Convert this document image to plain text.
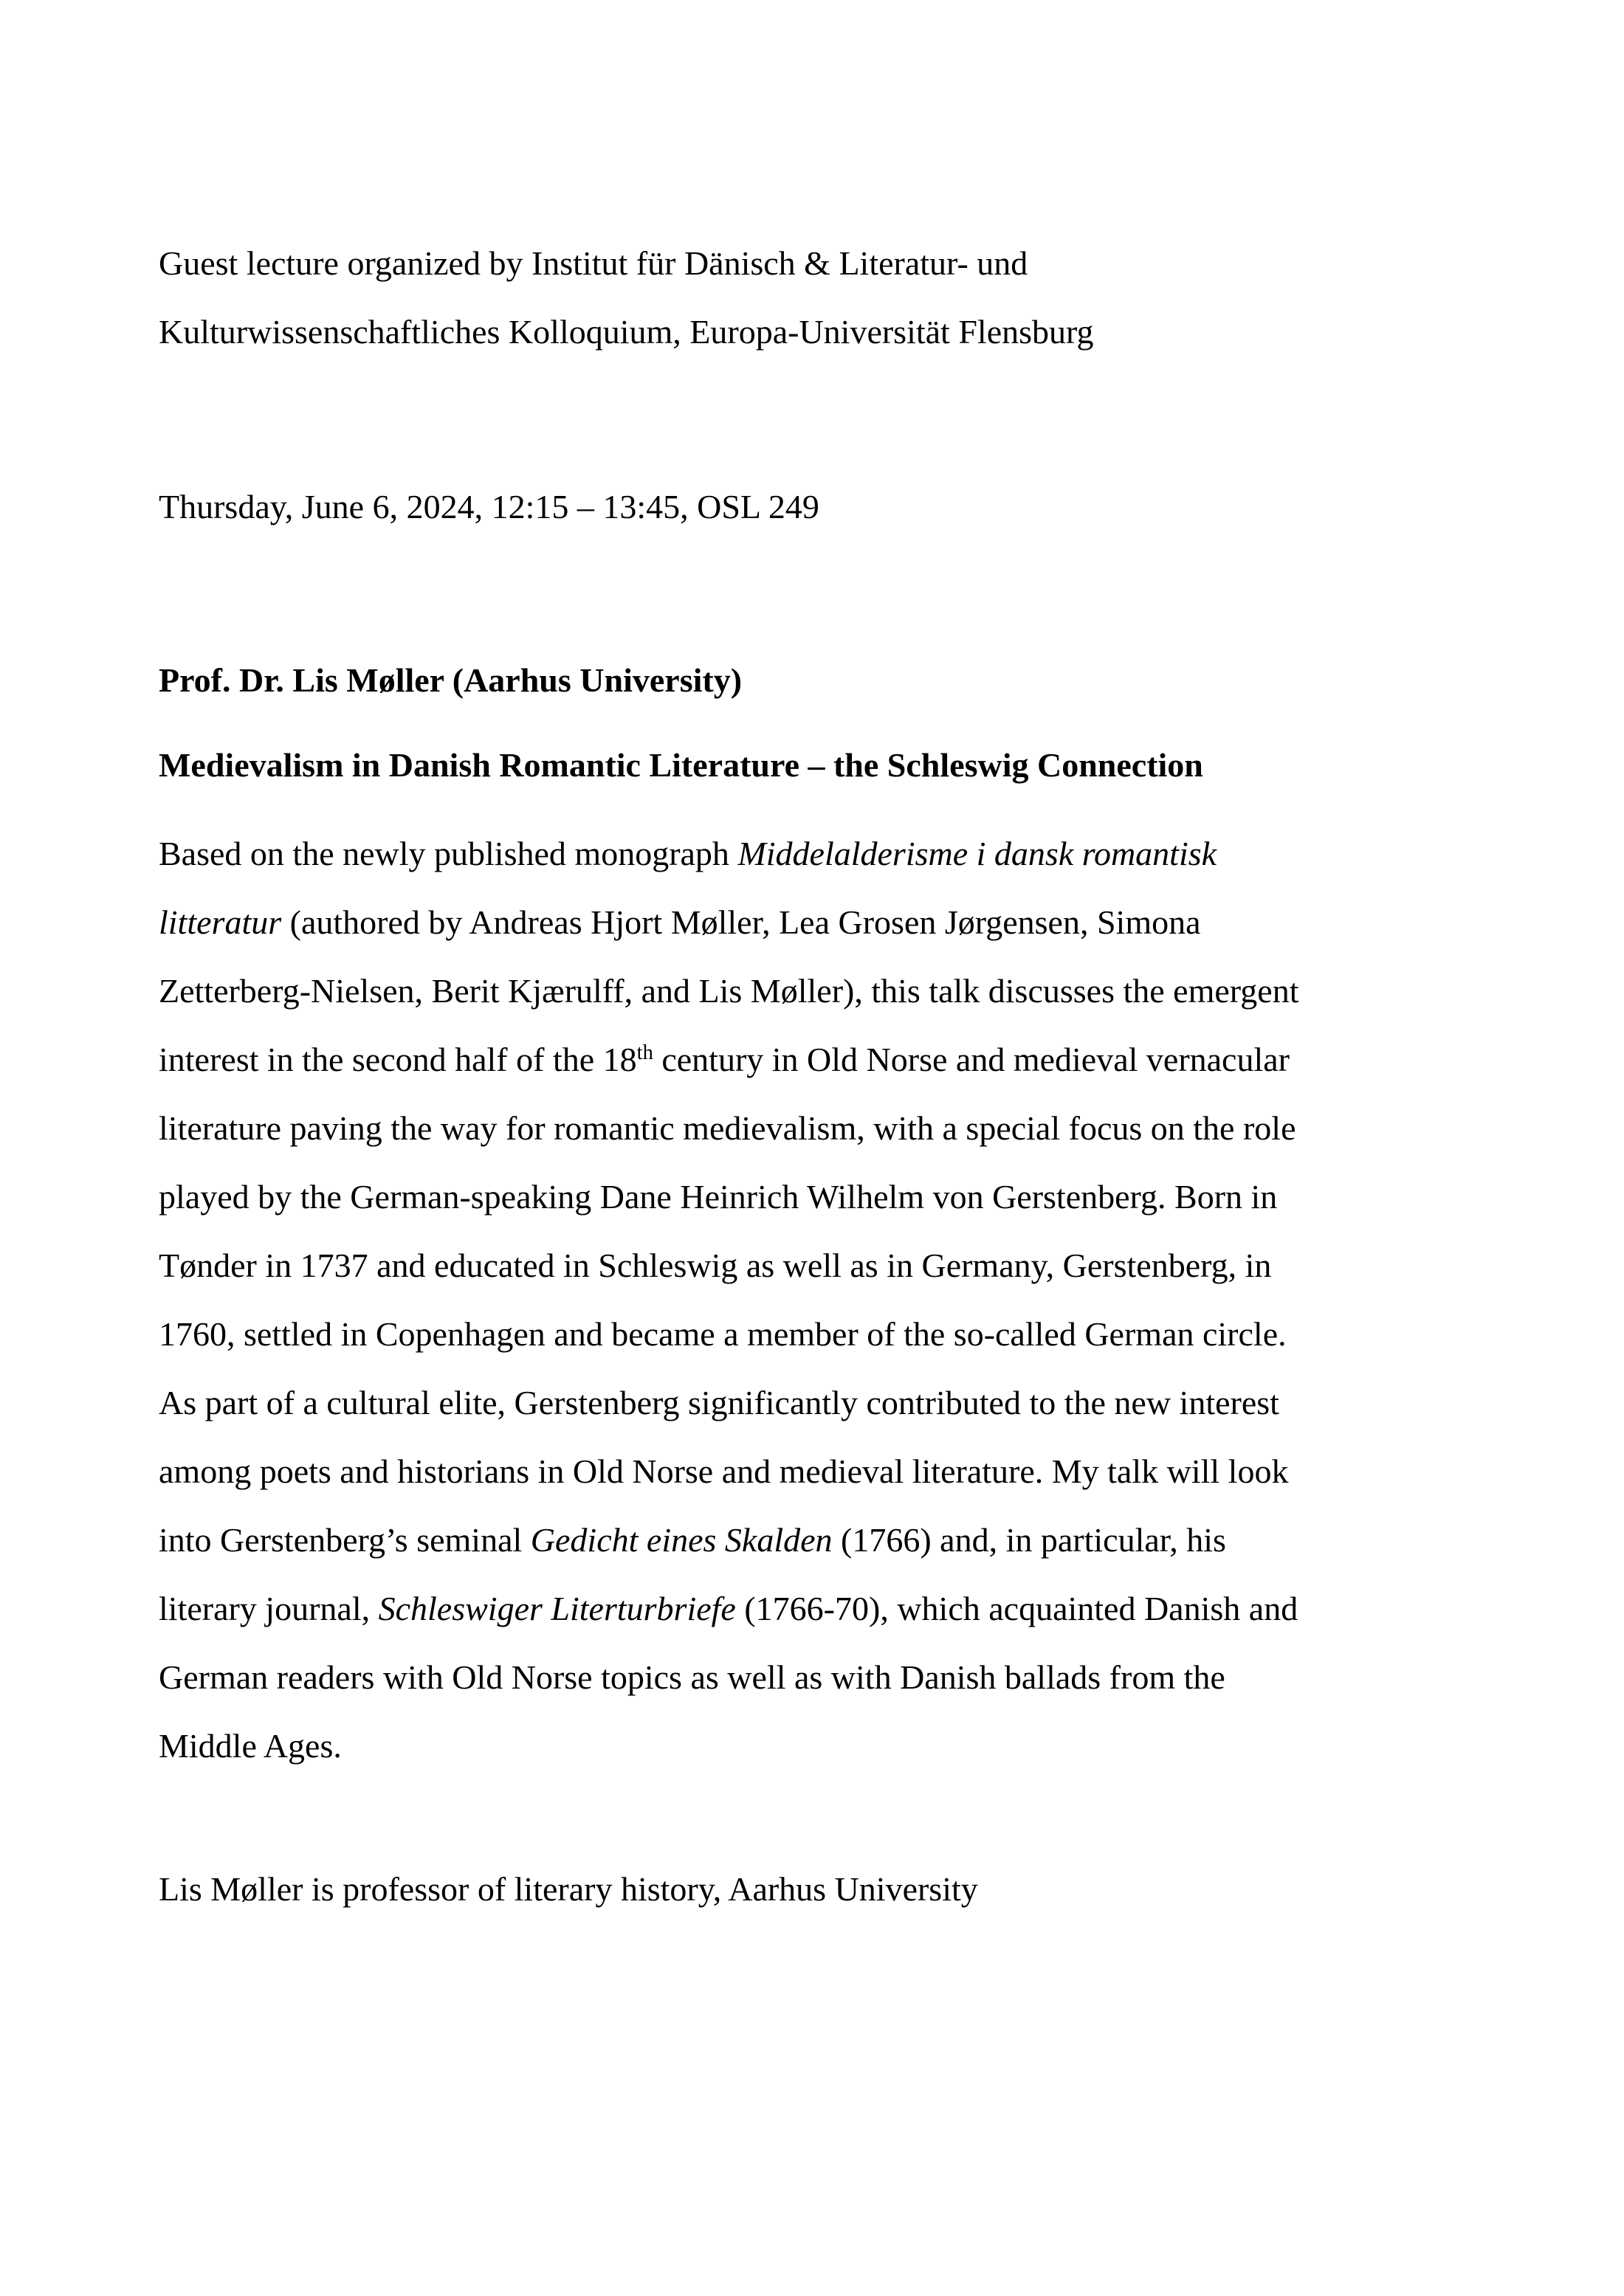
Guest lecture organized by Institut für Dänisch & Literatur- und
Kulturwissenschaftliches Kolloquium, Europa-Universität Flensburg
Thursday, June 6, 2024, 12:15 – 13:45, OSL 249
Prof. Dr. Lis Møller (Aarhus University)
Medievalism in Danish Romantic Literature – the Schleswig Connection
Based on the newly published monograph Middelalderisme i dansk romantisk
litteratur (authored by Andreas Hjort Møller, Lea Grosen Jørgensen, Simona
Zetterberg-Nielsen, Berit Kjærulff, and Lis Møller), this talk discusses the emergent
interest in the second half of the 18th century in Old Norse and medieval vernacular
literature paving the way for romantic medievalism, with a special focus on the role
played by the German-speaking Dane Heinrich Wilhelm von Gerstenberg. Born in
Tønder in 1737 and educated in Schleswig as well as in Germany, Gerstenberg, in
1760, settled in Copenhagen and became a member of the so-called German circle.
As part of a cultural elite, Gerstenberg significantly contributed to the new interest
among poets and historians in Old Norse and medieval literature. My talk will look
into Gerstenberg’s seminal Gedicht eines Skalden (1766) and, in particular, his
literary journal, Schleswiger Literturbriefe (1766-70), which acquainted Danish and
German readers with Old Norse topics as well as with Danish ballads from the
Middle Ages.
Lis Møller is professor of literary history, Aarhus University
